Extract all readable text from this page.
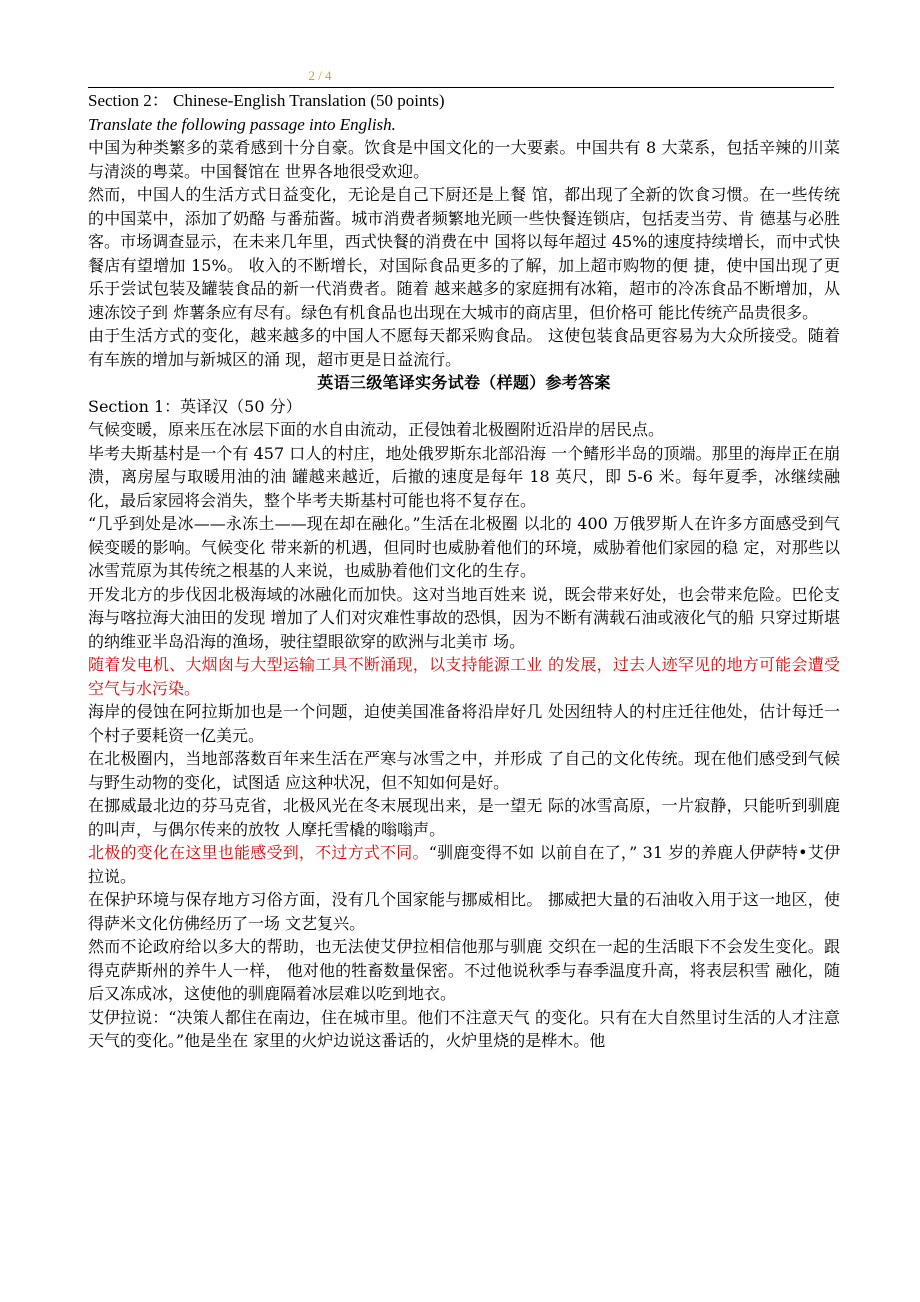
2 / 4

Section 2： Chinese-English Translation (50 points)

Translate the following passage into English.

中国为种类繁多的菜肴感到十分自豪。饮食是中国文化的一大要素。中国共有 8 大菜系，包括辛辣的川菜与清淡的粤菜。中国餐馆在 世界各地很受欢迎。

然而，中国人的生活方式日益变化，无论是自己下厨还是上餐 馆，都出现了全新的饮食习惯。在一些传统的中国菜中，添加了奶酪 与番茄酱。城市消费者频繁地光顾一些快餐连锁店，包括麦当劳、肯 德基与必胜客。市场调查显示，在未来几年里，西式快餐的消费在中 国将以每年超过 45%的速度持续增长，而中式快餐店有望增加 15%。 收入的不断增长，对国际食品更多的了解，加上超市购物的便 捷，使中国出现了更乐于尝试包装及罐装食品的新一代消费者。随着 越来越多的家庭拥有冰箱，超市的冷冻食品不断增加，从速冻饺子到 炸薯条应有尽有。绿色有机食品也出现在大城市的商店里，但价格可 能比传统产品贵很多。

由于生活方式的变化，越来越多的中国人不愿每天都采购食品。 这使包装食品更容易为大众所接受。随着有车族的增加与新城区的涌 现，超市更是日益流行。

英语三级笔译实务试卷（样题）参考答案

Section 1：英译汉（50 分）

气候变暖，原来压在冰层下面的水自由流动，正侵蚀着北极圈附近沿岸的居民点。

毕考夫斯基村是一个有 457 口人的村庄，地处俄罗斯东北部沿海 一个鳍形半岛的顶端。那里的海岸正在崩溃，离房屋与取暖用油的油 罐越来越近，后撤的速度是每年 18 英尺，即 5-6 米。每年夏季，冰继续融化，最后家园将会消失，整个毕考夫斯基村可能也将不复存在。

“几乎到处是冰——永冻土——现在却在融化。”生活在北极圈 以北的 400 万俄罗斯人在许多方面感受到气候变暖的影响。气候变化 带来新的机遇，但同时也威胁着他们的环境，威胁着他们家园的稳 定，对那些以冰雪荒原为其传统之根基的人来说，也威胁着他们文化的生存。

开发北方的步伐因北极海域的冰融化而加快。这对当地百姓来 说，既会带来好处，也会带来危险。巴伦支海与喀拉海大油田的发现 增加了人们对灾难性事故的恐惧，因为不断有满载石油或液化气的船 只穿过斯堪的纳维亚半岛沿海的渔场，驶往望眼欲穿的欧洲与北美市 场。

随着发电机、大烟囱与大型运输工具不断涌现，以支持能源工业 的发展，过去人迹罕见的地方可能会遭受空气与水污染。

海岸的侵蚀在阿拉斯加也是一个问题，迫使美国准备将沿岸好几 处因纽特人的村庄迁往他处，估计每迁一个村子要耗资一亿美元。

在北极圈内，当地部落数百年来生活在严寒与冰雪之中，并形成 了自己的文化传统。现在他们感受到气候与野生动物的变化，试图适 应这种状况，但不知如何是好。

在挪威最北边的芬马克省，北极风光在冬末展现出来，是一望无 际的冰雪高原，一片寂静，只能听到驯鹿的叫声，与偶尔传来的放牧 人摩托雪橇的嗡嗡声。

北极的变化在这里也能感受到，不过方式不同。“驯鹿变得不如 以前自在了，” 31 岁的养鹿人伊萨特•艾伊拉说。

在保护环境与保存地方习俗方面，没有几个国家能与挪威相比。 挪威把大量的石油收入用于这一地区，使得萨米文化仿佛经历了一场 文艺复兴。

然而不论政府给以多大的帮助，也无法使艾伊拉相信他那与驯鹿 交织在一起的生活眼下不会发生变化。跟得克萨斯州的养牛人一样， 他对他的牲畜数量保密。不过他说秋季与春季温度升高，将表层积雪 融化，随后又冻成冰，这使他的驯鹿隔着冰层难以吃到地衣。

艾伊拉说：“决策人都住在南边，住在城市里。他们不注意天气 的变化。只有在大自然里讨生活的人才注意天气的变化。”他是坐在 家里的火炉边说这番话的，火炉里烧的是桦木。他
